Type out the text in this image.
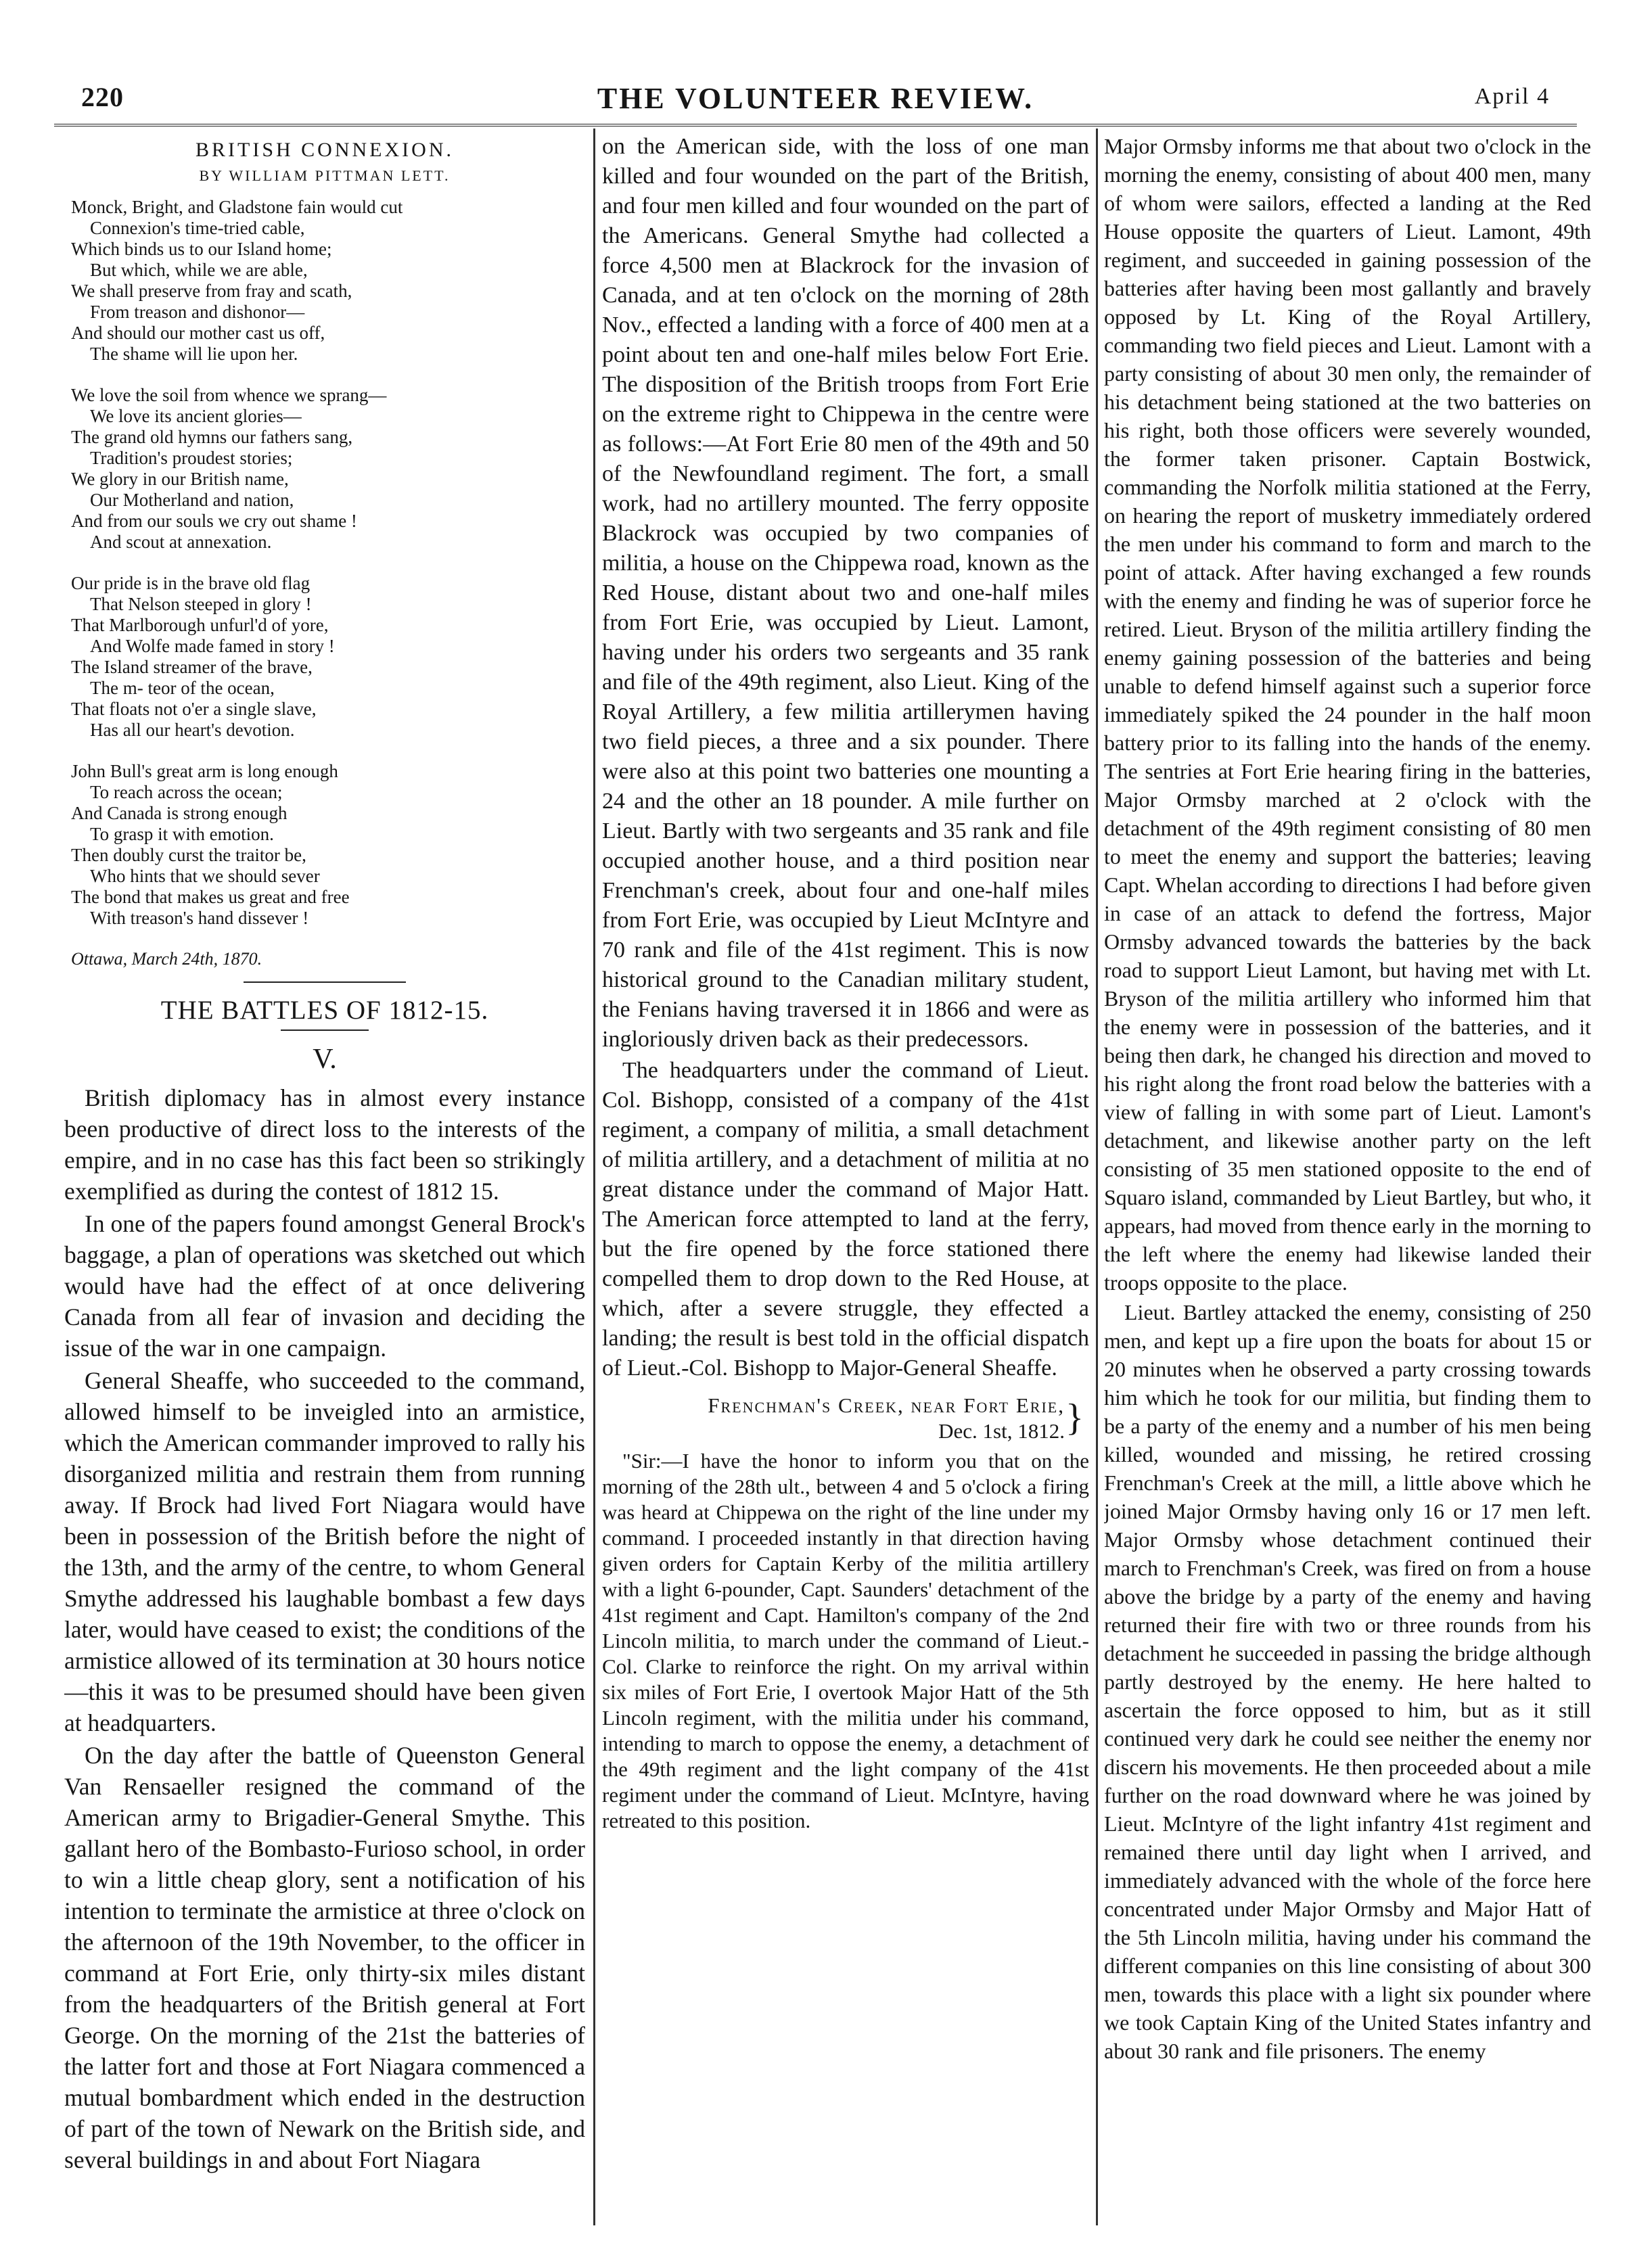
220	THE VOLUNTEER REVIEW.	April 4
BRITISH CONNEXION.
BY WILLIAM PITTMAN LETT.
Monck, Bright, and Gladstone fain would cut
Connexion's time-tried cable,
Which binds us to our Island home;
But which, while we are able,
We shall preserve from fray and scath,
From treason and dishonor—
And should our mother cast us off,
The shame will lie upon her.
We love the soil from whence we sprang—
We love its ancient glories—
The grand old hymns our fathers sang,
Tradition's proudest stories;
We glory in our British name,
Our Motherland and nation,
And from our souls we cry out shame !
And scout at annexation.
Our pride is in the brave old flag
That Nelson steeped in glory !
That Marlborough unfurl'd of yore,
And Wolfe made famed in story !
The Island streamer of the brave,
The m- teor of the ocean,
That floats not o'er a single slave,
Has all our heart's devotion.
John Bull's great arm is long enough
To reach across the ocean;
And Canada is strong enough
To grasp it with emotion.
Then doubly curst the traitor be,
Who hints that we should sever
The bond that makes us great and free
With treason's hand dissever !
Ottawa, March 24th, 1870.
THE BATTLES OF 1812-15.
V.

British diplomacy has in almost every instance been productive of direct loss to the interests of the empire, and in no case has this fact been so strikingly exemplified as during the contest of 1812 15.

In one of the papers found amongst General Brock's baggage, a plan of operations was sketched out which would have had the effect of at once delivering Canada from all fear of invasion and deciding the issue of the war in one campaign.

General Sheaffe, who succeeded to the command, allowed himself to be inveigled into an armistice, which the American commander improved to rally his disorganized militia and restrain them from running away. If Brock had lived Fort Niagara would have been in possession of the British before the night of the 13th, and the army of the centre, to whom General Smythe addressed his laughable bombast a few days later, would have ceased to exist; the conditions of the armistice allowed of its termination at 30 hours notice—this it was to be presumed should have been given at headquarters.

On the day after the battle of Queenston General Van Rensaeller resigned the command of the American army to Brigadier-General Smythe. This gallant hero of the Bombasto-Furioso school, in order to win a little cheap glory, sent a notification of his intention to terminate the armistice at three o'clock on the afternoon of the 19th November, to the officer in command at Fort Erie, only thirty-six miles distant from the headquarters of the British general at Fort George. On the morning of the 21st the batteries of the latter fort and those at Fort Niagara commenced a mutual bombardment which ended in the destruction of part of the town of Newark on the British side, and several buildings in and about Fort Niagara

on the American side, with the loss of one man killed and four wounded on the part of the British, and four men killed and four wounded on the part of the Americans. General Smythe had collected a force 4,500 men at Blackrock for the invasion of Canada, and at ten o'clock on the morning of 28th Nov., effected a landing with a force of 400 men at a point about ten and one-half miles below Fort Erie. The disposition of the British troops from Fort Erie on the extreme right to Chippewa in the centre were as follows:—At Fort Erie 80 men of the 49th and 50 of the Newfoundland regiment. The fort, a small work, had no artillery mounted. The ferry opposite Blackrock was occupied by two companies of militia, a house on the Chippewa road, known as the Red House, distant about two and one-half miles from Fort Erie, was occupied by Lieut. Lamont, having under his orders two sergeants and 35 rank and file of the 49th regiment, also Lieut. King of the Royal Artillery, a few militia artillerymen having two field pieces, a three and a six pounder. There were also at this point two batteries one mounting a 24 and the other an 18 pounder. A mile further on Lieut. Bartly with two sergeants and 35 rank and file occupied another house, and a third position near Frenchman's creek, about four and one-half miles from Fort Erie, was occupied by Lieut McIntyre and 70 rank and file of the 41st regiment. This is now historical ground to the Canadian military student, the Fenians having traversed it in 1866 and were as ingloriously driven back as their predecessors.

The headquarters under the command of Lieut. Col. Bishopp, consisted of a company of the 41st regiment, a company of militia, a small detachment of militia artillery, and a detachment of militia at no great distance under the command of Major Hatt. The American force attempted to land at the ferry, but the fire opened by the force stationed there compelled them to drop down to the Red House, at which, after a severe struggle, they effected a landing; the result is best told in the official dispatch of Lieut.-Col. Bishopp to Major-General Sheaffe.

Frenchman's Creek, near Fort Erie,
Dec. 1st, 1812. }

"Sir:—I have the honor to inform you that on the morning of the 28th ult., between 4 and 5 o'clock a firing was heard at Chippewa on the right of the line under my command. I proceeded instantly in that direction having given orders for Captain Kerby of the militia artillery with a light 6-pounder, Capt. Saunders' detachment of the 41st regiment and Capt. Hamilton's company of the 2nd Lincoln militia, to march under the command of Lieut.-Col. Clarke to reinforce the right. On my arrival within six miles of Fort Erie, I overtook Major Hatt of the 5th Lincoln regiment, with the militia under his command, intending to march to oppose the enemy, a detachment of the 49th regiment and the light company of the 41st regiment under the command of Lieut. McIntyre, having retreated to this position.

Major Ormsby informs me that about two o'clock in the morning the enemy, consisting of about 400 men, many of whom were sailors, effected a landing at the Red House opposite the quarters of Lieut. Lamont, 49th regiment, and succeeded in gaining possession of the batteries after having been most gallantly and bravely opposed by Lt. King of the Royal Artillery, commanding two field pieces and Lieut. Lamont with a party consisting of about 30 men only, the remainder of his detachment being stationed at the two batteries on his right, both those officers were severely wounded, the former taken prisoner. Captain Bostwick, commanding the Norfolk militia stationed at the Ferry, on hearing the report of musketry immediately ordered the men under his command to form and march to the point of attack. After having exchanged a few rounds with the enemy and finding he was of superior force he retired. Lieut. Bryson of the militia artillery finding the enemy gaining possession of the batteries and being unable to defend himself against such a superior force immediately spiked the 24 pounder in the half moon battery prior to its falling into the hands of the enemy. The sentries at Fort Erie hearing firing in the batteries, Major Ormsby marched at 2 o'clock with the detachment of the 49th regiment consisting of 80 men to meet the enemy and support the batteries; leaving Capt. Whelan according to directions I had before given in case of an attack to defend the fortress, Major Ormsby advanced towards the batteries by the back road to support Lieut Lamont, but having met with Lt. Bryson of the militia artillery who informed him that the enemy were in possession of the batteries, and it being then dark, he changed his direction and moved to his right along the front road below the batteries with a view of falling in with some part of Lieut. Lamont's detachment, and likewise another party on the left consisting of 35 men stationed opposite to the end of Squaro island, commanded by Lieut Bartley, but who, it appears, had moved from thence early in the morning to the left where the enemy had likewise landed their troops opposite to the place.

Lieut. Bartley attacked the enemy, consisting of 250 men, and kept up a fire upon the boats for about 15 or 20 minutes when he observed a party crossing towards him which he took for our militia, but finding them to be a party of the enemy and a number of his men being killed, wounded and missing, he retired crossing Frenchman's Creek at the mill, a little above which he joined Major Ormsby having only 16 or 17 men left. Major Ormsby whose detachment continued their march to Frenchman's Creek, was fired on from a house above the bridge by a party of the enemy and having returned their fire with two or three rounds from his detachment he succeeded in passing the bridge although partly destroyed by the enemy. He here halted to ascertain the force opposed to him, but as it still continued very dark he could see neither the enemy nor discern his movements. He then proceeded about a mile further on the road downward where he was joined by Lieut. McIntyre of the light infantry 41st regiment and remained there until day light when I arrived, and immediately advanced with the whole of the force here concentrated under Major Ormsby and Major Hatt of the 5th Lincoln militia, having under his command the different companies on this line consisting of about 300 men, towards this place with a light six pounder where we took Captain King of the United States infantry and about 30 rank and file prisoners. The enemy
